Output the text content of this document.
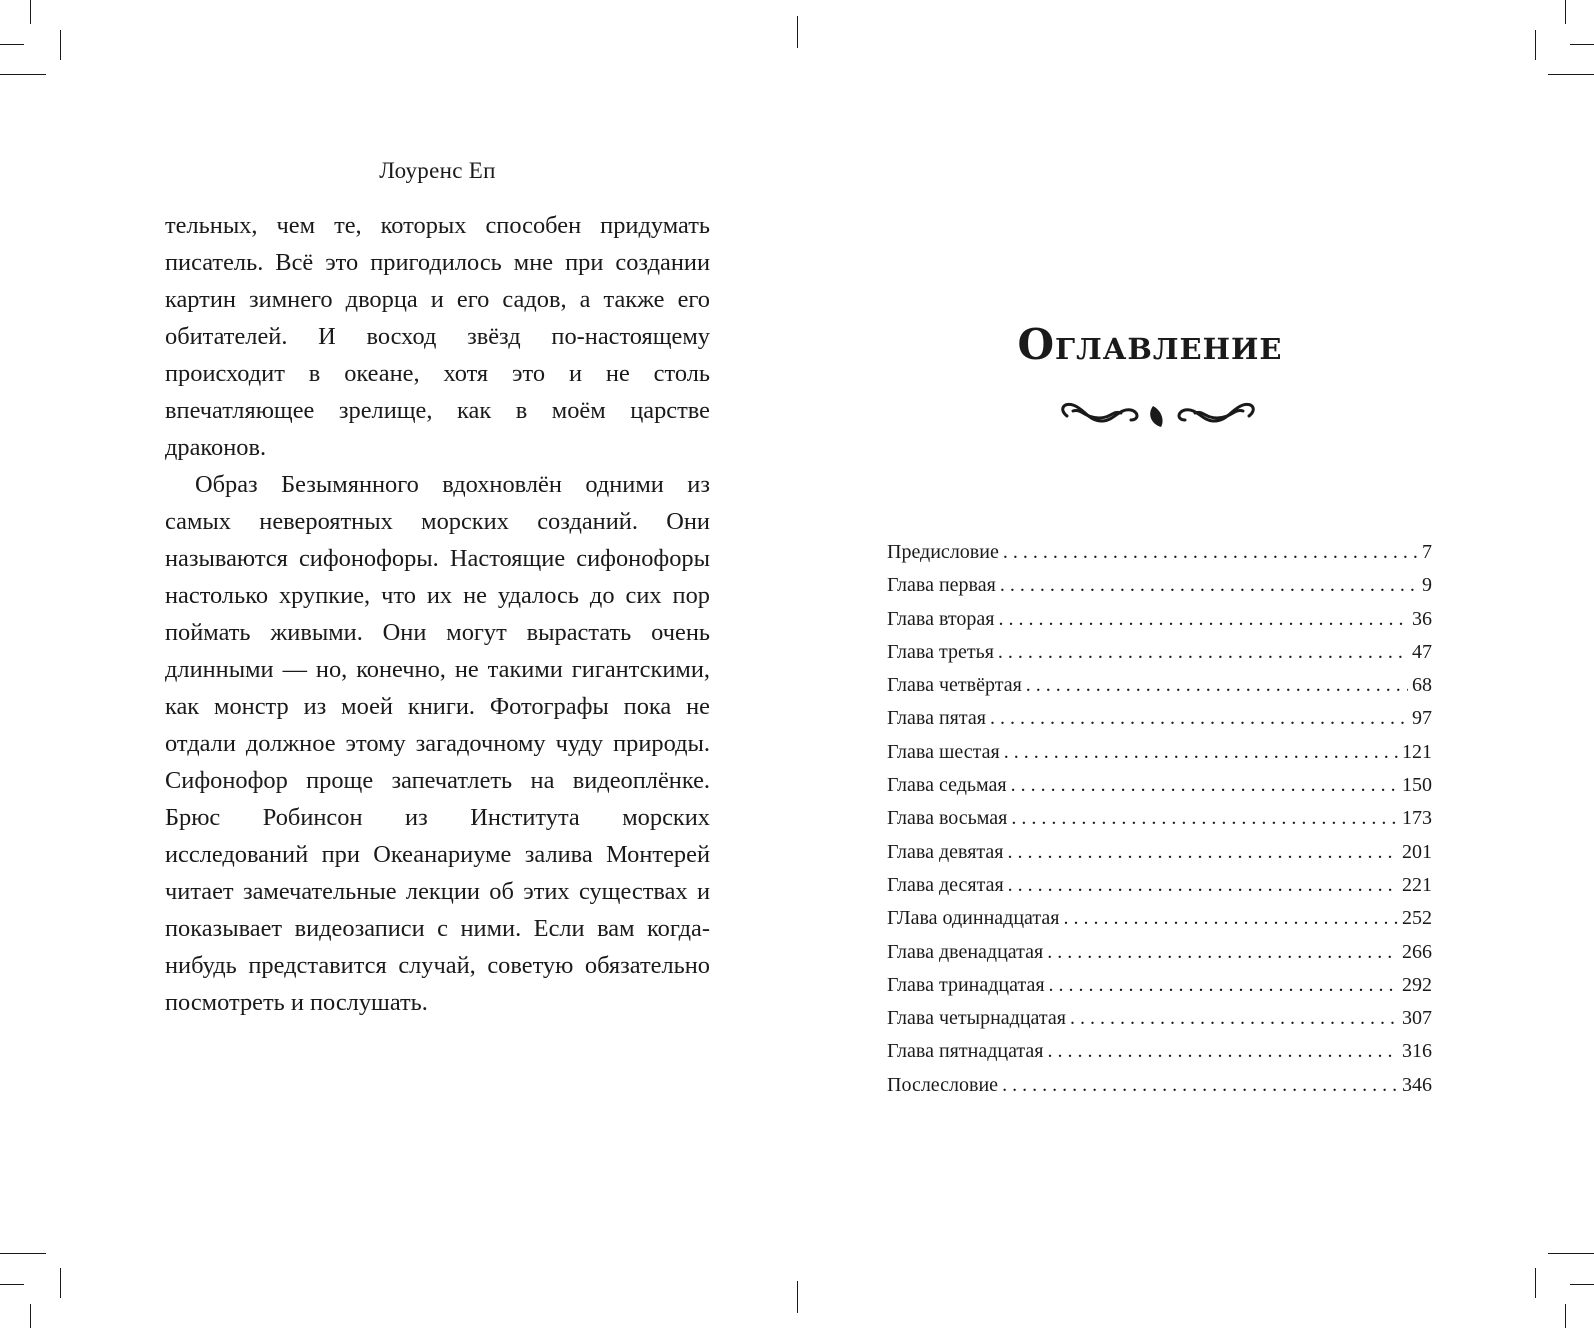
Лоуренс Еп

тельных, чем те, которых способен придумать писатель. Всё это пригодилось мне при создании картин зимнего дворца и его садов, а также его обитателей. И восход звёзд по-настоящему происходит в океане, хотя это и не столь впечатляющее зрелище, как в моём царстве драконов.

Образ Безымянного вдохновлён одними из самых невероятных морских созданий. Они называются сифонофоры. Настоящие сифонофоры настолько хрупкие, что их не удалось до сих пор поймать живыми. Они могут вырастать очень длинными — но, конечно, не такими гигантскими, как монстр из моей книги. Фотографы пока не отдали должное этому загадочному чуду природы. Сифонофор проще запечатлеть на видеоплёнке. Брюс Робинсон из Института морских исследований при Океанариуме залива Монтерей читает замечательные лекции об этих существах и показывает видеозаписи с ними. Если вам когда-нибудь представится случай, советую обязательно посмотреть и послушать.

Оглавление
Предисловие . . .	7
Глава первая . . .	9
Глава вторая . . .	36
Глава третья . . .	47
Глава четвёртая . . .	68
Глава пятая . . .	97
Глава шестая . . .	121
Глава седьмая . . .	150
Глава восьмая . . .	173
Глава девятая . . .	201
Глава десятая . . .	221
ГЛава одиннадцатая . . .	252
Глава двенадцатая . . .	266
Глава тринадцатая . . .	292
Глава четырнадцатая . . .	307
Глава пятнадцатая . . .	316
Послесловие . . .	346
